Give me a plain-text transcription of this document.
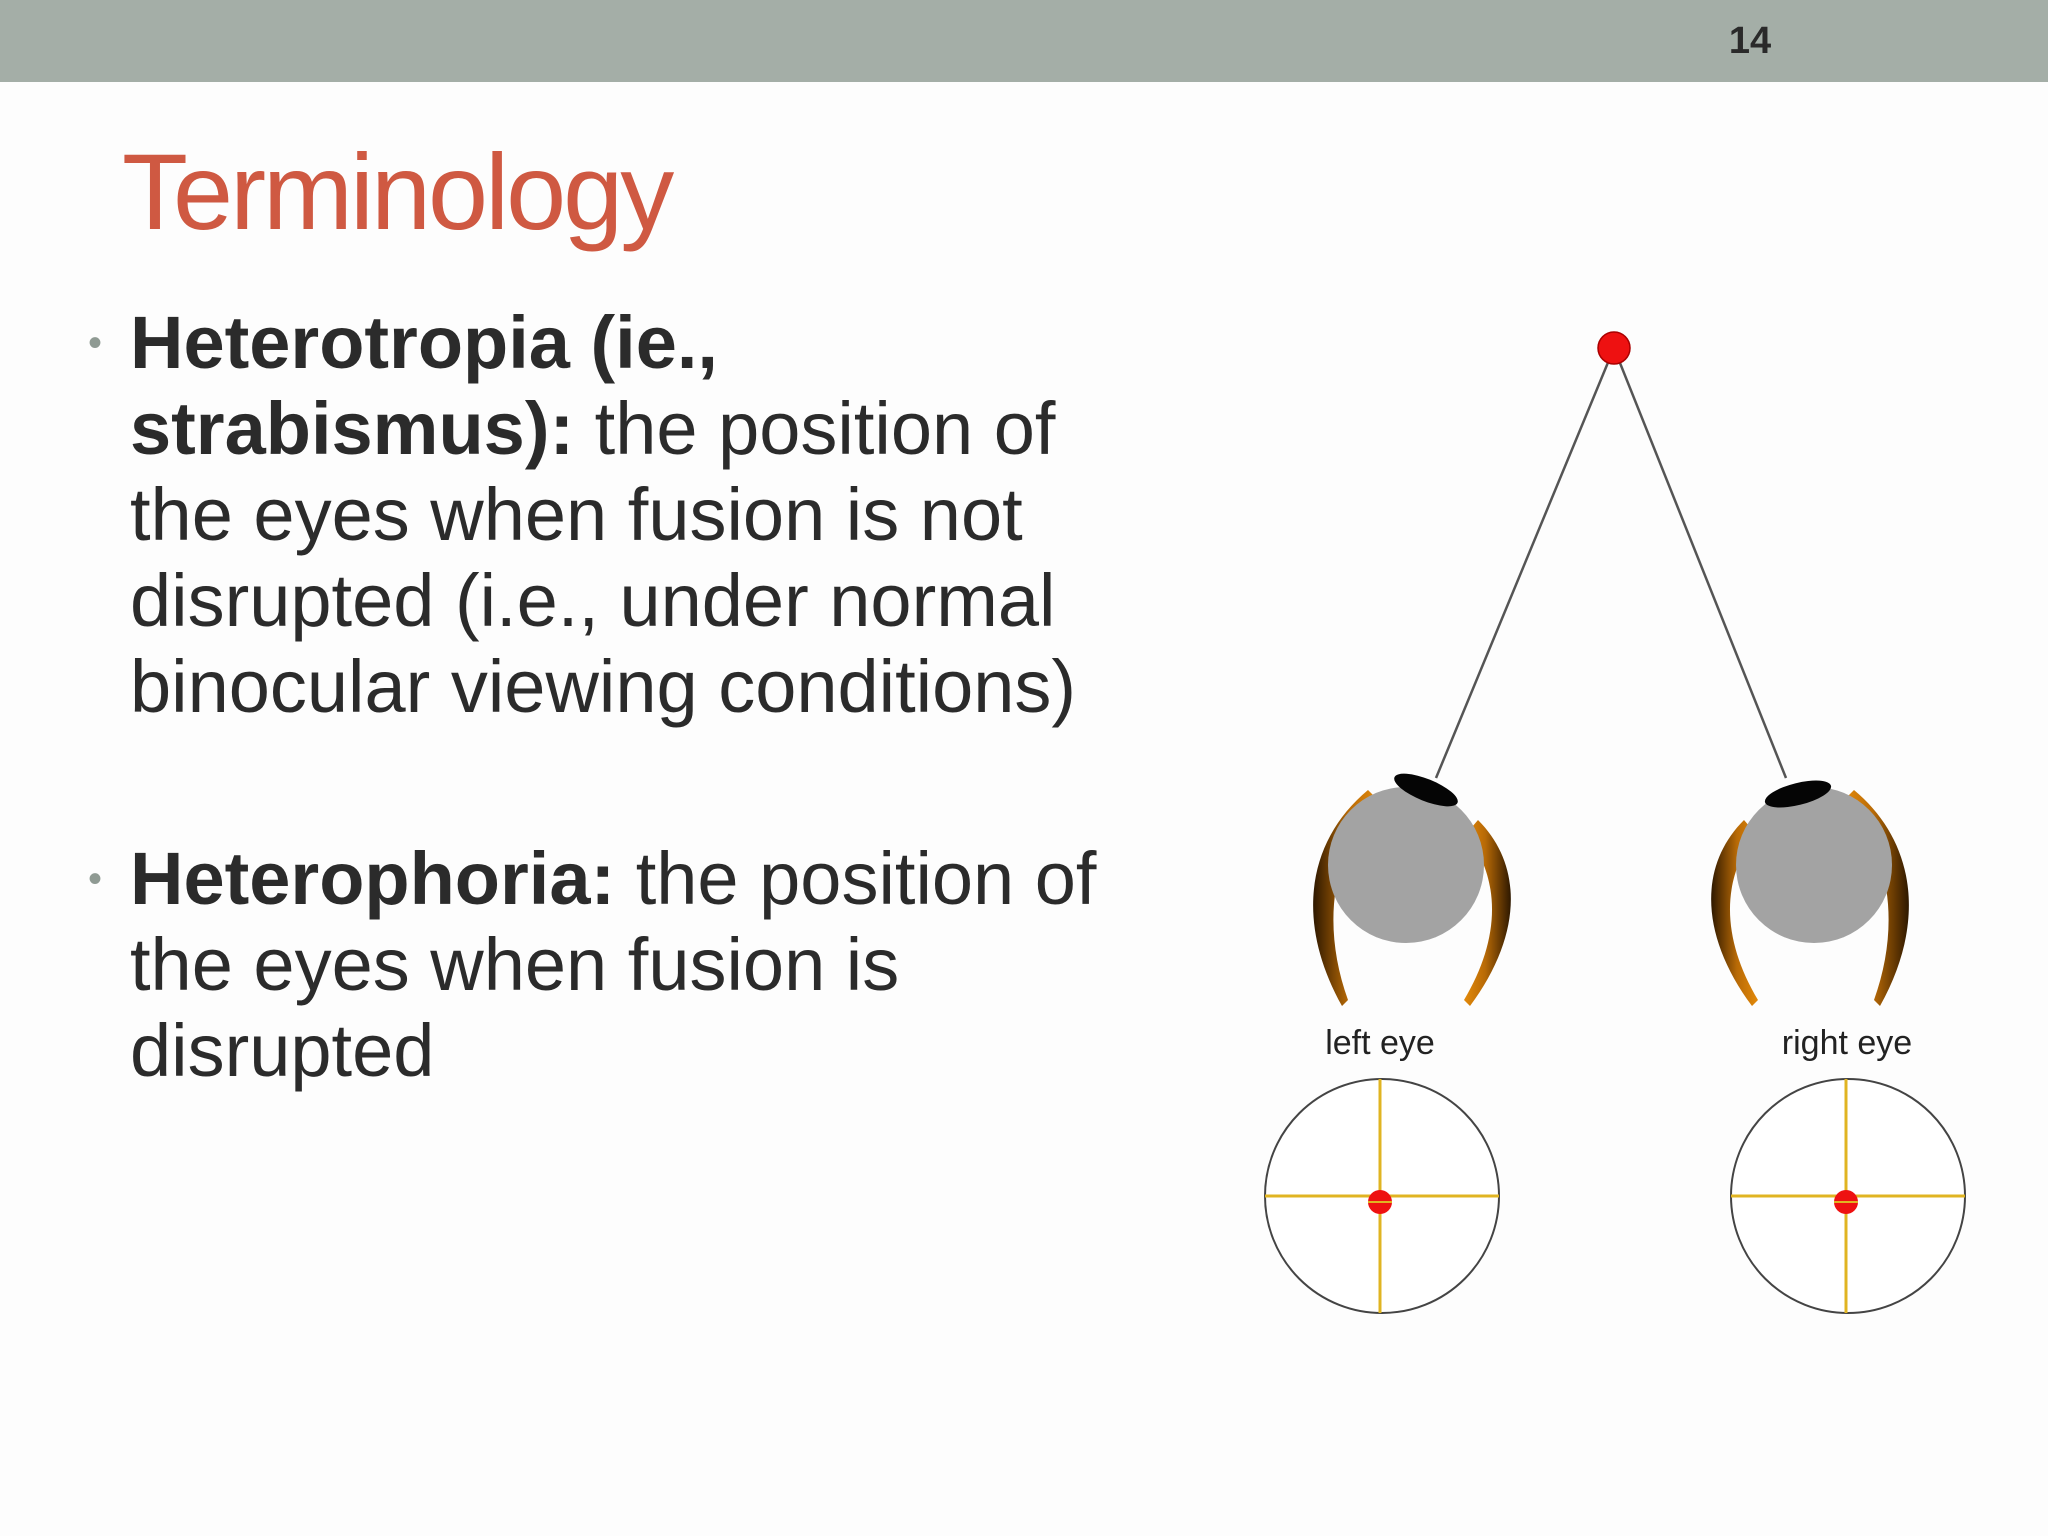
14
Terminology
• Heterotropia (ie., strabismus): the position of the eyes when fusion is not disrupted (i.e., under normal binocular viewing conditions)
• Heterophoria: the position of the eyes when fusion is disrupted	left eye	right eye
